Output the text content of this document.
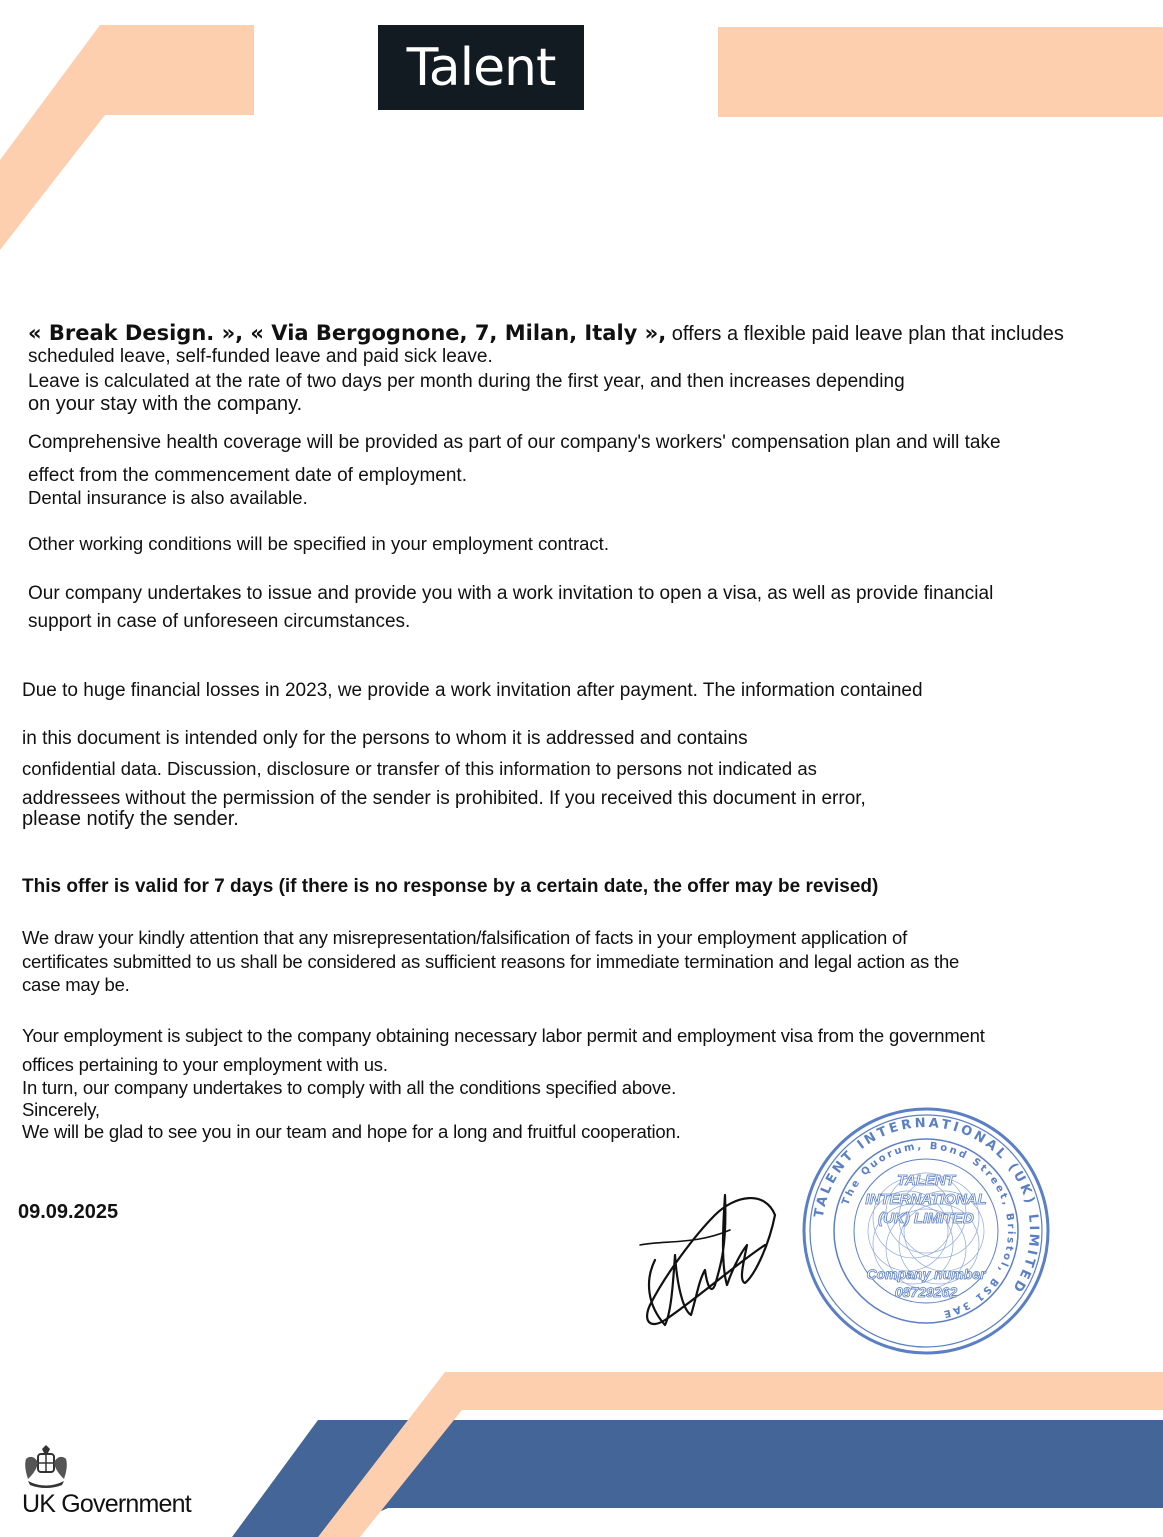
Talent

« Break Design. », « Via Bergognone, 7, Milan, Italy », offers a flexible paid leave plan that includes

scheduled leave, self-funded leave and paid sick leave.

Leave is calculated at the rate of two days per month during the first year, and then increases depending

on your stay with the company.

Comprehensive health coverage will be provided as part of our company's workers' compensation plan and will take

effect from the commencement date of employment.

Dental insurance is also available.

Other working conditions will be specified in your employment contract.

Our company undertakes to issue and provide you with a work invitation to open a visa, as well as provide financial

support in case of unforeseen circumstances.

Due to huge financial losses in 2023, we provide a work invitation after payment. The information contained

in this document is intended only for the persons to whom it is addressed and contains

confidential data. Discussion, disclosure or transfer of this information to persons not indicated as

addressees without the permission of the sender is prohibited. If you received this document in error,

please notify the sender.

This offer is valid for 7 days (if there is no response by a certain date, the offer may be revised)

We draw your kindly attention that any misrepresentation/falsification of facts in your employment application of

certificates submitted to us shall be considered as sufficient reasons for immediate termination and legal action as the

case may be.

Your employment is subject to the company obtaining necessary labor permit and employment visa from the government

offices pertaining to your employment with us.

In turn, our company undertakes to comply with all the conditions specified above.

Sincerely,

We will be glad to see you in our team and hope for a long and fruitful cooperation.

09.09.2025	TALENT INTERNATIONAL (UK) LIMITED
The Quorum, Bond Street, Bristol, BS1 3AE
TALENT
INTERNATIONAL
(UK) LIMITED
Company number
08729262
UK Government
